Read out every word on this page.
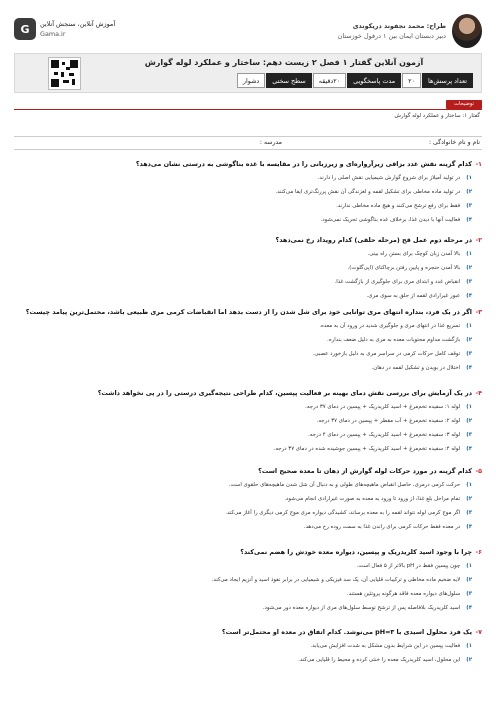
طراح: محمد نجفوند دریکوندی
دبیر دبستان ایمان بین ۱ درفول خوزستان
G	آموزش آنلاین، سنجش آنلاین
Gama.ir
آزمون آنلاین گفتار ۱ فصل ۲ زیست دهم: ساختار و عملکرد لوله گوارش
تعداد پرسش‌ها
۲۰
مدت پاسخگویی
۲۰دقیقه
سطح سختی
دشوار
توضیحات
گفتار ۱: ساختار و عملکرد لوله گوارش
نام و نام خانوادگی :
مدرسه :
۱-
کدام گزینه نقش غدد بزاقی زیرآرواره‌ای و زیرزبانی را در مقایسه با غده بناگوشی به درستی نشان می‌دهد؟
۱)در تولید آمیلاز برای شروع گوارش شیمیایی نقش اصلی را دارند.
۲)در تولید ماده مخاطی برای تشکیل لقمه و لغزندگی آن نقش پررنگ‌تری ایفا می‌کنند.
۳)فقط برای رفع ترشح می‌کنند و هیچ ماده مخاطی ندارند.
۴)فعالیت آنها با دیدن غذا، برخلاف غده بناگوشی تحریک نمی‌شود.
۲-
در مرحله دوم عمل قح (مرحله حلقی) کدام رویداد رخ نمی‌دهد؟
۱)بالا آمدن زبان کوچک برای بستن راه بینی.
۲)بالا آمدن حنجره و پایین رفتن برچاکنای (اپی‌گلوت).
۳)انقباض غدد و ابتدای مری برای جلوگیری از بازگشت غذا.
۴)عبور غیرارادی لقمه از حلق به سوی مری.
۳-
اگر در یک فرد، بنداره انتهای مری توانایی خود برای شل شدن را از دست بدهد اما انقباضات کرمی مری طبیعی باشد، محتمل‌ترین پیامد چیست؟
۱)تسریع غذا در انتهای مری و جلوگیری شدید در ورود آن به معده.
۲)بازگشت مداوم محتویات معده به مری به دلیل ضعف بنداره.
۳)توقف کامل حرکات کرمی در سراسر مری به دلیل بازخورد عصبی.
۴)اختلال در بویدن و تشکیل لقمه در دهان.
۴-
در یک آزمایش برای بررسی نقش دمای بهینه بر فعالیت پپسین، کدام طراحی نتیجه‌گیری درستی را در پی نخواهد داشت؟
۱)لوله ۱: سفیده تخم‌مرغ + اسید کلریدریک + پپسین در دمای ۳۷ درجه.
۲)لوله ۲: سفیده تخم‌مرغ + آب مقطر + پپسین در دمای ۳۷ درجه.
۳)لوله ۳: سفیده تخم‌مرغ + اسید کلریدریک + پپسین در دمای ۴ درجه.
۴)لوله ۴: سفیده تخم‌مرغ + اسید کلریدریک + پپسین جوشیده شده در دمای ۳۷ درجه.
۵-
کدام گزینه در مورد حرکات لوله گوارش از دهان تا معده صحیح است؟
۱)حرکت کرمی درمری، حاصل انقباض ماهیچه‌های طولی و به دنبال آن شل شدن ماهیچه‌های حلقوی است.
۲)تمام مراحل بلع غذا، از ورود تا ورود به معده به صورت غیرارادی انجام می‌شود.
۳)اگر موج کرمی لوله نتواند لقمه را به معده برساند، کشیدگی دیواره مری موج کرمی دیگری را آغاز می‌کند.
۴)در معده فقط حرکات کرمی برای راندن غذا به سمت روده رخ می‌دهد.
۶-
چرا با وجود اسید کلریدریک و پپسین، دیواره معده خودش را هضم نمی‌کند؟
۱)چون پپسین فقط در pH بالاتر از ۵ فعال است.
۲)لایه ضخیم ماده مخاطی و ترکیبات قلیایی آن، یک سد فیزیکی و شیمیایی در برابر نفوذ اسید و آنزیم ایجاد می‌کند.
۳)سلول‌های دیواره معده فاقد هرگونه پروتئین هستند.
۴)اسید کلریدریک بلافاصله پس از ترشح توسط سلول‌های مری از دیواره معده دور می‌شود.
۷-
یک فرد محلول اسیدی با pH=۳ می‌نوشد. کدام اتفاق در معده او محتمل‌تر است؟
۱)فعالیت پپسین در این شرایط بدون مشکل به شدت افزایش می‌یابد.
۲)این محلول، اسید کلریدریک معده را خنثی کرده و محیط را قلیایی می‌کند.
